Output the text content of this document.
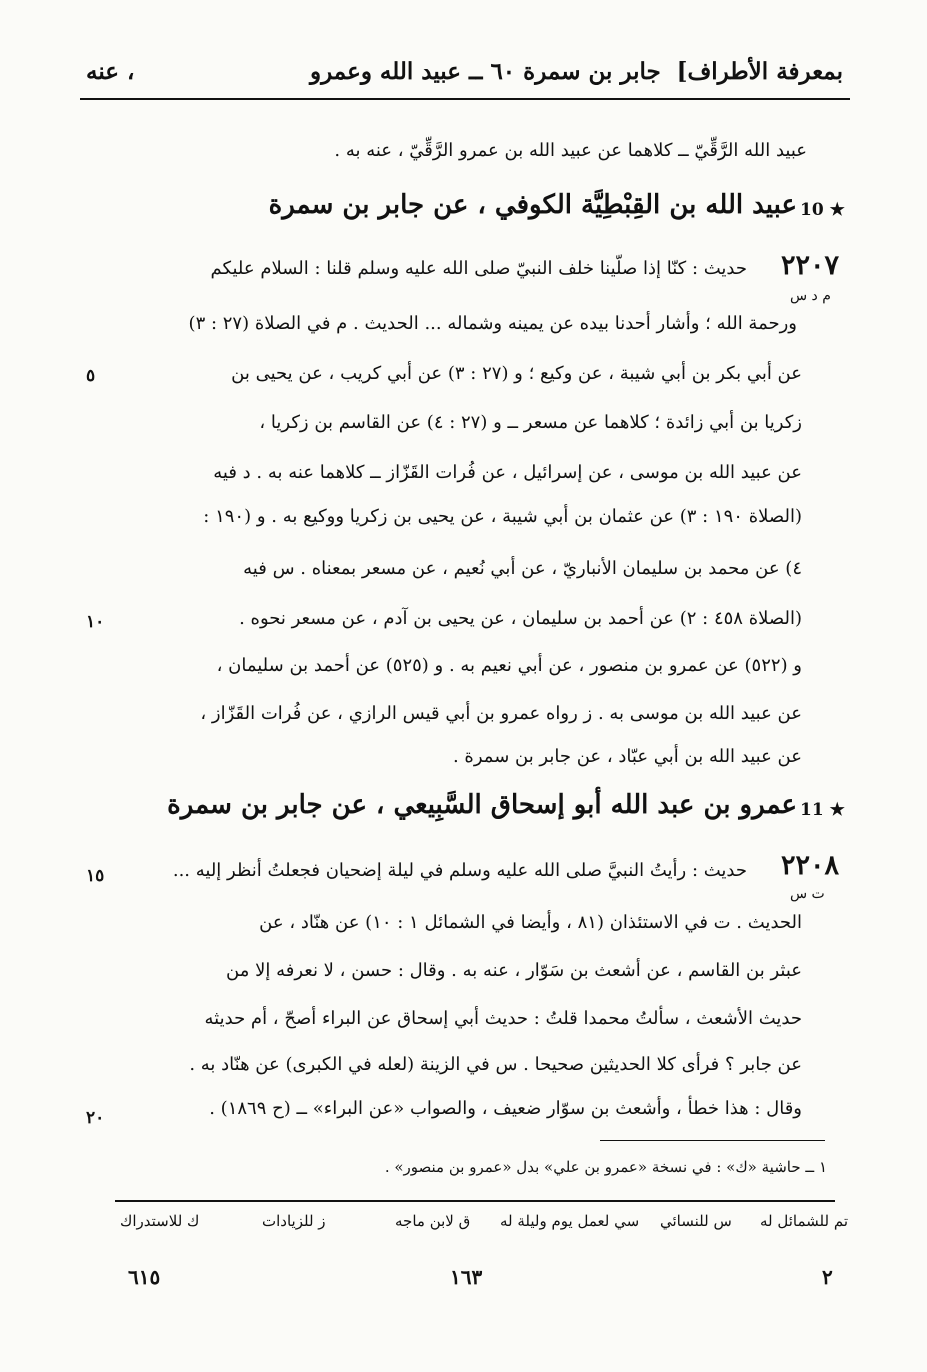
بمعرفة الأطراف]
جابر بن سمرة ٦٠ ــ عبيد الله وعمرو
، عنه
عبيد الله الرَّقِّيّ ــ كلاهما عن عبيد الله بن عمرو الرَّقِّيّ ، عنه به .
10 ★
عبيد الله بن القِبْطِيَّة الكوفي ، عن جابر بن سمرة
٢٢٠٧
م د س
حديث : كنّا إذا صلّينا خلف النبيّ صلى الله عليه وسلم قلنا : السلام عليكم
ورحمة الله ؛ وأشار أحدنا بيده عن يمينه وشماله ... الحديث . م في الصلاة (٢٧ : ٣)
عن أبي بكر بن أبي شيبة ، عن وكيع ؛ و (٢٧ : ٣) عن أبي كريب ، عن يحيى بن
زكريا بن أبي زائدة ؛ كلاهما عن مسعر ــ و (٢٧ : ٤) عن القاسم بن زكريا ،
عن عبيد الله بن موسى ، عن إسرائيل ، عن فُرات القَزّاز ــ كلاهما عنه به . د فيه
(الصلاة ١٩٠ : ٣) عن عثمان بن أبي شيبة ، عن يحيى بن زكريا ووكيع به . و (١٩٠ :
٤) عن محمد بن سليمان الأنباريّ ، عن أبي نُعيم ، عن مسعر بمعناه . س فيه
(الصلاة ٤٥٨ : ٢) عن أحمد بن سليمان ، عن يحيى بن آدم ، عن مسعر نحوه .
و (٥٢٢) عن عمرو بن منصور ، عن أبي نعيم به . و (٥٢٥) عن أحمد بن سليمان ،
عن عبيد الله بن موسى به . ز رواه عمرو بن أبي قيس الرازي ، عن فُرات القَزّاز ،
عن عبيد الله بن أبي عبّاد ، عن جابر بن سمرة .
٥
١٠
١٥
٢٠
11 ★
عمرو بن عبد الله أبو إسحاق السَّبِيعي ، عن جابر بن سمرة
٢٢٠٨
ت س
حديث : رأيتُ النبيَّ صلى الله عليه وسلم في ليلة إضحيان فجعلتُ أنظر إليه ...
الحديث . ت في الاستئذان (٨١ ، وأيضا في الشمائل ١ : ١٠) عن هنّاد ، عن
عبثر بن القاسم ، عن أشعث بن سَوّار ، عنه به . وقال : حسن ، لا نعرفه إلا من
حديث الأشعث ، سألتُ محمدا قلتُ : حديث أبي إسحاق عن البراء أصحّ ، أم حديثه
عن جابر ؟ فرأى كلا الحديثين صحيحا . س في الزينة (لعله في الكبرى) عن هنّاد به .
وقال : هذا خطأ ، وأشعث بن سوّار ضعيف ، والصواب «عن البراء» ــ (ح ١٨٦٩) .
١ ــ حاشية «ك» : في نسخة «عمرو بن علي» بدل «عمرو بن منصور» .
تم للشمائل له
س للنسائي
سي لعمل يوم وليلة له
ق لابن ماجه
ز للزيادات
ك للاستدراك
٢
١٦٣
٦١٥
